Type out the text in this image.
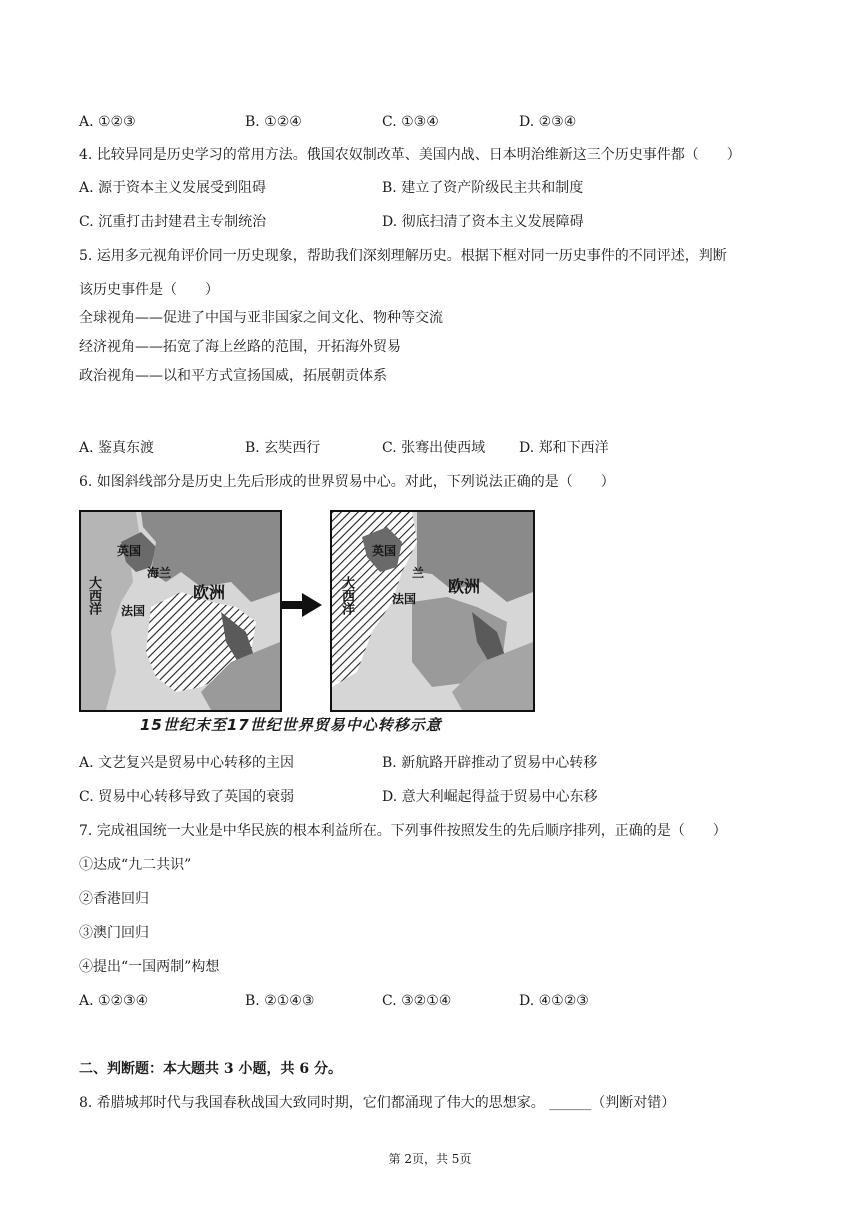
A. ①②③	B. ①②④	C. ①③④	D. ②③④
4. 比较异同是历史学习的常用方法。俄国农奴制改革、美国内战、日本明治维新这三个历史事件都（　　）
A. 源于资本主义发展受到阻碍	B. 建立了资产阶级民主共和制度
C. 沉重打击封建君主专制统治	D. 彻底扫清了资本主义发展障碍
5. 运用多元视角评价同一历史现象，帮助我们深刻理解历史。根据下框对同一历史事件的不同评述，判断
该历史事件是（　　）
全球视角——促进了中国与亚非国家之间文化、物种等交流
经济视角——拓宽了海上丝路的范围，开拓海外贸易
政治视角——以和平方式宣扬国威，拓展朝贡体系
A. 鉴真东渡	B. 玄奘西行	C. 张骞出使西域 D. 郑和下西洋
6. 如图斜线部分是历史上先后形成的世界贸易中心。对此，下列说法正确的是（　　）
英国
海兰
大西洋 法国
欧洲
英国
兰
大西洋	法国
欧洲
15世纪末至17世纪世界贸易中心转移示意
A. 文艺复兴是贸易中心转移的主因	B. 新航路开辟推动了贸易中心转移
C. 贸易中心转移导致了英国的衰弱	D. 意大利崛起得益于贸易中心东移
7. 完成祖国统一大业是中华民族的根本利益所在。下列事件按照发生的先后顺序排列，正确的是（　　）
①达成“九二共识”
②香港回归
③澳门回归
④提出“一国两制”构想
A. ①②③④	B. ②①④③	C. ③②①④	D. ④①②③
二、判断题：本大题共 3 小题，共 6 分。
8. 希腊城邦时代与我国春秋战国大致同时期，它们都涌现了伟大的思想家。 ______（判断对错）
第 2页，共 5页
